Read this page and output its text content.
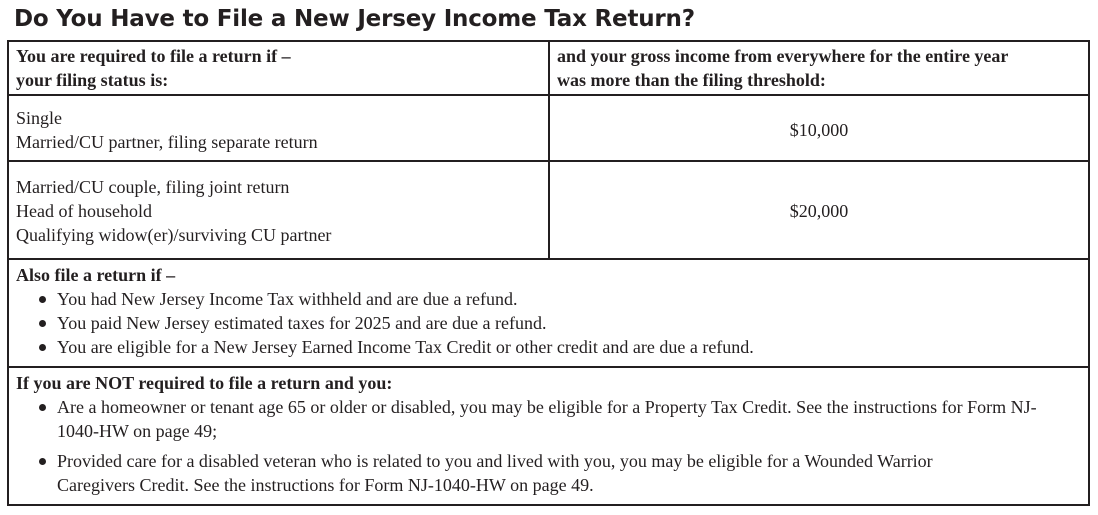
Do You Have to File a New Jersey Income Tax Return?
You are required to file a return if –
your filing status is:
and your gross income from everywhere for the entire year
was more than the filing threshold:
Single
Married/CU partner, filing separate return
$10,000
Married/CU couple, filing joint return
Head of household
Qualifying widow(er)/surviving CU partner
$20,000
Also file a return if –
You had New Jersey Income Tax withheld and are due a refund.
You paid New Jersey estimated taxes for 2025 and are due a refund.
You are eligible for a New Jersey Earned Income Tax Credit or other credit and are due a refund.
If you are NOT required to file a return and you:
Are a homeowner or tenant age 65 or older or disabled, you may be eligible for a Property Tax Credit. See the instructions for Form NJ-1040-HW on page 49;
Provided care for a disabled veteran who is related to you and lived with you, you may be eligible for a Wounded Warrior Caregivers Credit. See the instructions for Form NJ-1040-HW on page 49.
